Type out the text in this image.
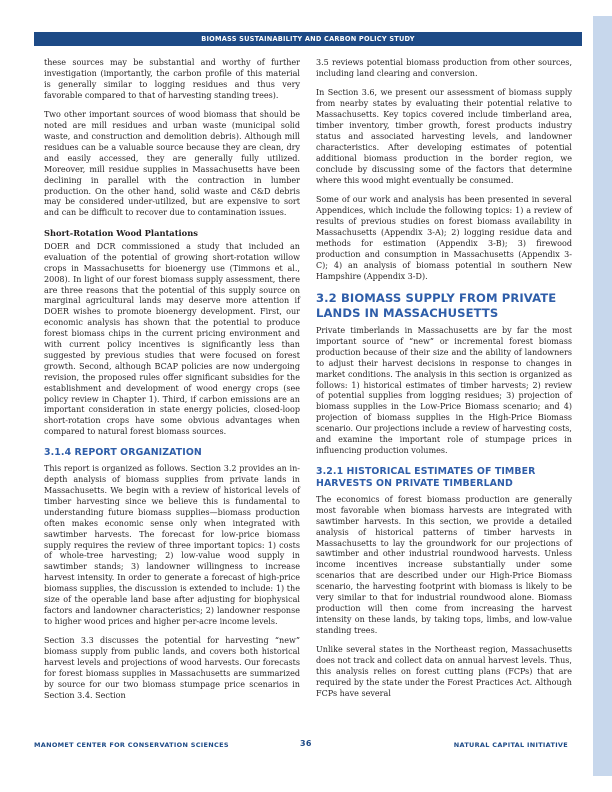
BIOMASS SUSTAINABILITY AND CARBON POLICY STUDY

these sources may be substantial and worthy of further investigation (importantly, the carbon profile of this material is generally similar to logging residues and thus very favorable compared to that of harvesting standing trees).

Two other important sources of wood biomass that should be noted are mill residues and urban waste (municipal solid waste, and construction and demolition debris). Although mill residues can be a valuable source because they are clean, dry and easily accessed, they are generally fully utilized. Moreover, mill residue supplies in Massachusetts have been declining in parallel with the contraction in lumber production. On the other hand, solid waste and C&D debris may be considered under-utilized, but are expensive to sort and can be difficult to recover due to contamination issues.

Short-Rotation Wood Plantations

DOER and DCR commissioned a study that included an evaluation of the potential of growing short-rotation willow crops in Massachusetts for bioenergy use (Timmons et al., 2008). In light of our forest biomass supply assessment, there are three reasons that the potential of this supply source on marginal agricultural lands may deserve more attention if DOER wishes to promote bioenergy development. First, our economic analysis has shown that the potential to produce forest biomass chips in the current pricing environment and with current policy incentives is significantly less than suggested by previous studies that were focused on forest growth. Second, although BCAP policies are now undergoing revision, the proposed rules offer significant subsidies for the establishment and development of wood energy crops (see policy review in Chapter 1). Third, if carbon emissions are an important consideration in state energy policies, closed-loop short-rotation crops have some obvious advantages when compared to natural forest biomass sources.

3.1.4 REPORT ORGANIZATION

This report is organized as follows. Section 3.2 provides an in-depth analysis of biomass supplies from private lands in Massachusetts. We begin with a review of historical levels of timber harvesting since we believe this is fundamental to understanding future biomass supplies—biomass production often makes economic sense only when integrated with sawtimber harvests. The forecast for low-price biomass supply requires the review of three important topics: 1) costs of whole-tree harvesting; 2) low-value wood supply in sawtimber stands; 3) landowner willingness to increase harvest intensity. In order to generate a forecast of high-price biomass supplies, the discussion is extended to include: 1) the size of the operable land base after adjusting for biophysical factors and landowner characteristics; 2) landowner response to higher wood prices and higher per-acre income levels.

Section 3.3 discusses the potential for harvesting “new” biomass supply from public lands, and covers both historical harvest levels and projections of wood harvests. Our forecasts for forest biomass supplies in Massachusetts are summarized by source for our two biomass stumpage price scenarios in Section 3.4. Section

3.5 reviews potential biomass production from other sources, including land clearing and conversion.

In Section 3.6, we present our assessment of biomass supply from nearby states by evaluating their potential relative to Massachusetts. Key topics covered include timberland area, timber inventory, timber growth, forest products industry status and associated harvesting levels, and landowner characteristics. After developing estimates of potential additional biomass production in the border region, we conclude by discussing some of the factors that determine where this wood might eventually be consumed.

Some of our work and analysis has been presented in several Appendices, which include the following topics: 1) a review of results of previous studies on forest biomass availability in Massachusetts (Appendix 3-A); 2) logging residue data and methods for estimation (Appendix 3-B); 3) firewood production and consumption in Massachusetts (Appendix 3-C); 4) an analysis of biomass potential in southern New Hampshire (Appendix 3-D).

3.2 BIOMASS SUPPLY FROM PRIVATE LANDS IN MASSACHUSETTS

Private timberlands in Massachusetts are by far the most important source of “new” or incremental forest biomass production because of their size and the ability of landowners to adjust their harvest decisions in response to changes in market conditions. The analysis in this section is organized as follows: 1) historical estimates of timber harvests; 2) review of potential supplies from logging residues; 3) projection of biomass supplies in the Low-Price Biomass scenario; and 4) projection of biomass supplies in the High-Price Biomass scenario. Our projections include a review of harvesting costs, and examine the important role of stumpage prices in influencing production volumes.

3.2.1 HISTORICAL ESTIMATES OF TIMBER HARVESTS ON PRIVATE TIMBERLAND

The economics of forest biomass production are generally most favorable when biomass harvests are integrated with sawtimber harvests. In this section, we provide a detailed analysis of historical patterns of timber harvests in Massachusetts to lay the groundwork for our projections of sawtimber and other industrial roundwood harvests. Unless income incentives increase substantially under some scenarios that are described under our High-Price Biomass scenario, the harvesting footprint with biomass is likely to be very similar to that for industrial roundwood alone. Biomass production will then come from increasing the harvest intensity on these lands, by taking tops, limbs, and low-value standing trees.

Unlike several states in the Northeast region, Massachusetts does not track and collect data on annual harvest levels. Thus, this analysis relies on forest cutting plans (FCPs) that are required by the state under the Forest Practices Act. Although FCPs have several

MANOMET CENTER FOR CONSERVATION SCIENCES	36	NATURAL CAPITAL INITIATIVE
